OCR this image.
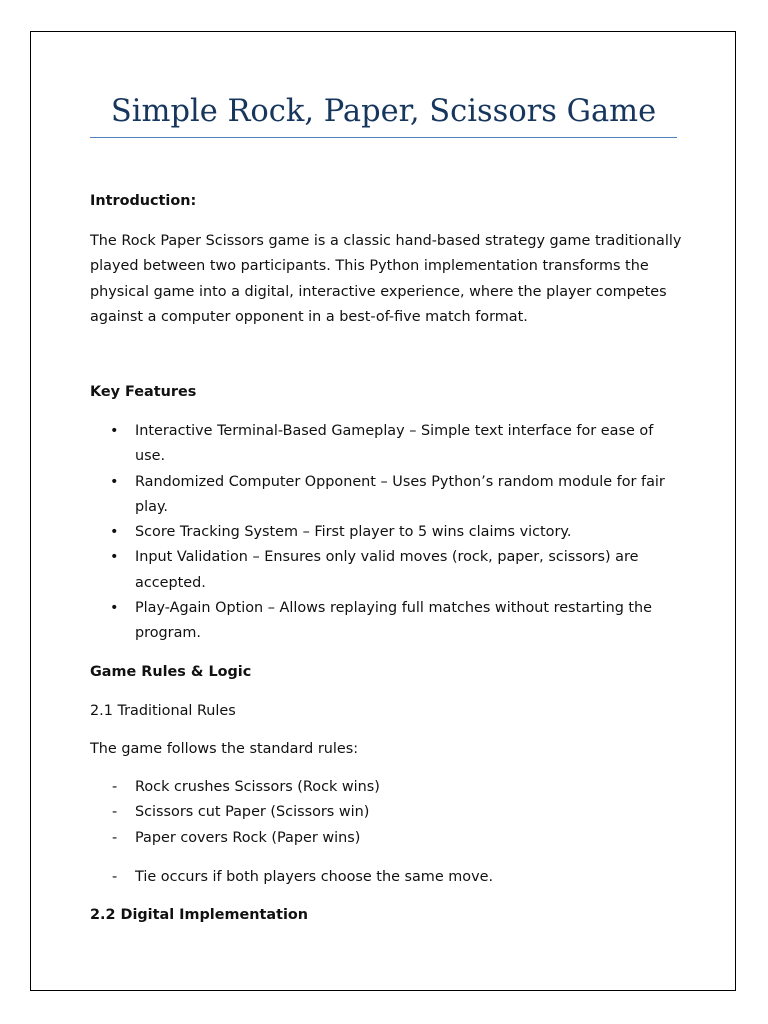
Simple Rock, Paper, Scissors Game
Introduction:
The Rock Paper Scissors game is a classic hand-based strategy game traditionally
played between two participants. This Python implementation transforms the
physical game into a digital, interactive experience, where the player competes
against a computer opponent in a best-of-five match format.
Key Features
• Interactive Terminal-Based Gameplay – Simple text interface for ease of
use.
• Randomized Computer Opponent – Uses Python’s random module for fair
play.
• Score Tracking System – First player to 5 wins claims victory.
• Input Validation – Ensures only valid moves (rock, paper, scissors) are
accepted.
• Play-Again Option – Allows replaying full matches without restarting the
program.
Game Rules & Logic
2.1 Traditional Rules
The game follows the standard rules:
- Rock crushes Scissors (Rock wins)
- Scissors cut Paper (Scissors win)
- Paper covers Rock (Paper wins)
- Tie occurs if both players choose the same move.
2.2 Digital Implementation
